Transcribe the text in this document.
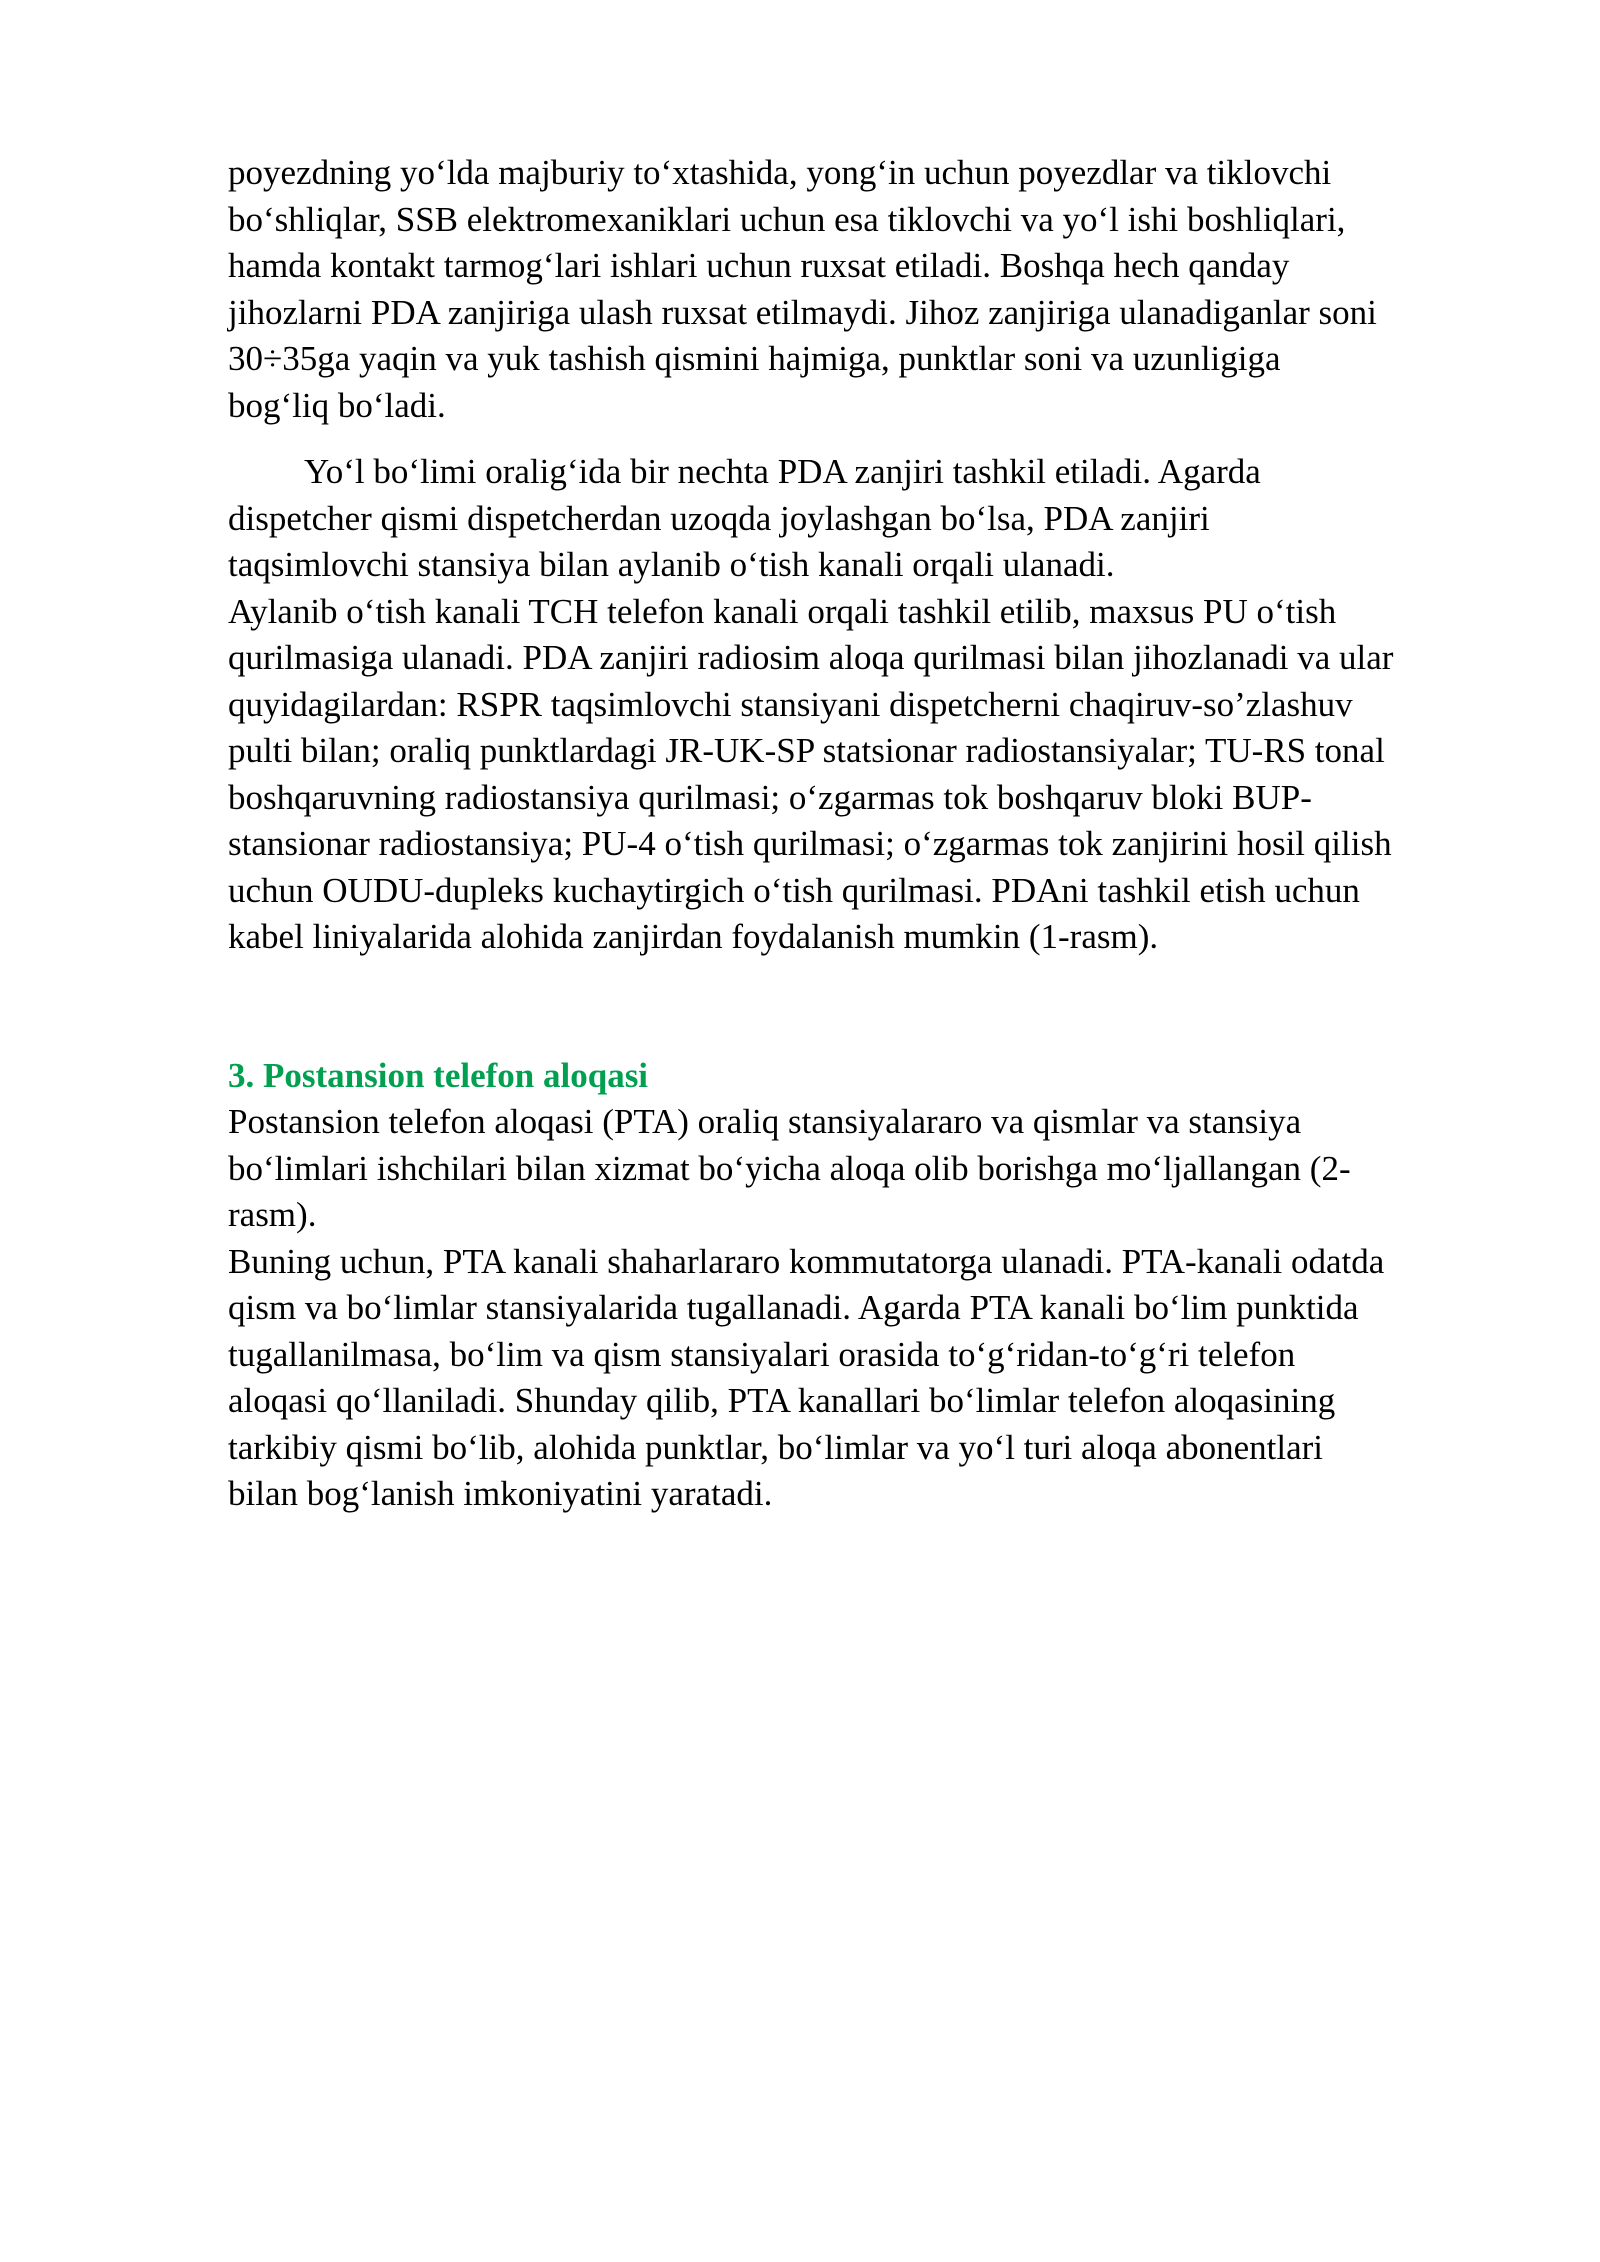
poyezdning yo‘lda majburiy to‘xtashida, yong‘in uchun poyezdlar va tiklovchi
bo‘shliqlar, SSB elektromexaniklari uchun esa tiklovchi va yo‘l ishi boshliqlari,
hamda kontakt tarmog‘lari ishlari uchun ruxsat etiladi. Boshqa hech qanday
jihozlarni PDA zanjiriga ulash ruxsat etilmaydi. Jihoz zanjiriga ulanadiganlar soni
30÷35ga yaqin va yuk tashish qismini hajmiga, punktlar soni va uzunligiga
bog‘liq bo‘ladi.
Yo‘l bo‘limi oralig‘ida bir nechta PDA zanjiri tashkil etiladi. Agarda
dispetcher qismi dispetcherdan uzoqda joylashgan bo‘lsa, PDA zanjiri
taqsimlovchi stansiya bilan aylanib o‘tish kanali orqali ulanadi.
Aylanib o‘tish kanali TCH telefon kanali orqali tashkil etilib, maxsus PU o‘tish
qurilmasiga ulanadi. PDA zanjiri radiosim aloqa qurilmasi bilan jihozlanadi va ular
quyidagilardan: RSPR taqsimlovchi stansiyani dispetcherni chaqiruv-so’zlashuv
pulti bilan; oraliq punktlardagi JR-UK-SP statsionar radiostansiyalar; TU-RS tonal
boshqaruvning radiostansiya qurilmasi; o‘zgarmas tok boshqaruv bloki BUP-
stansionar radiostansiya; PU-4 o‘tish qurilmasi; o‘zgarmas tok zanjirini hosil qilish
uchun OUDU-dupleks kuchaytirgich o‘tish qurilmasi. PDAni tashkil etish uchun
kabel liniyalarida alohida zanjirdan foydalanish mumkin (1-rasm).
3. Postansion telefon aloqasi
Postansion telefon aloqasi (PTA) oraliq stansiyalararo va qismlar va stansiya
bo‘limlari ishchilari bilan xizmat bo‘yicha aloqa olib borishga mo‘ljallangan (2-
rasm).
Buning uchun, PTA kanali shaharlararo kommutatorga ulanadi. PTA-kanali odatda
qism va bo‘limlar stansiyalarida tugallanadi. Agarda PTA kanali bo‘lim punktida
tugallanilmasa, bo‘lim va qism stansiyalari orasida to‘g‘ridan-to‘g‘ri telefon
aloqasi qo‘llaniladi. Shunday qilib, PTA kanallari bo‘limlar telefon aloqasining
tarkibiy qismi bo‘lib, alohida punktlar, bo‘limlar va yo‘l turi aloqa abonentlari
bilan bog‘lanish imkoniyatini yaratadi.
